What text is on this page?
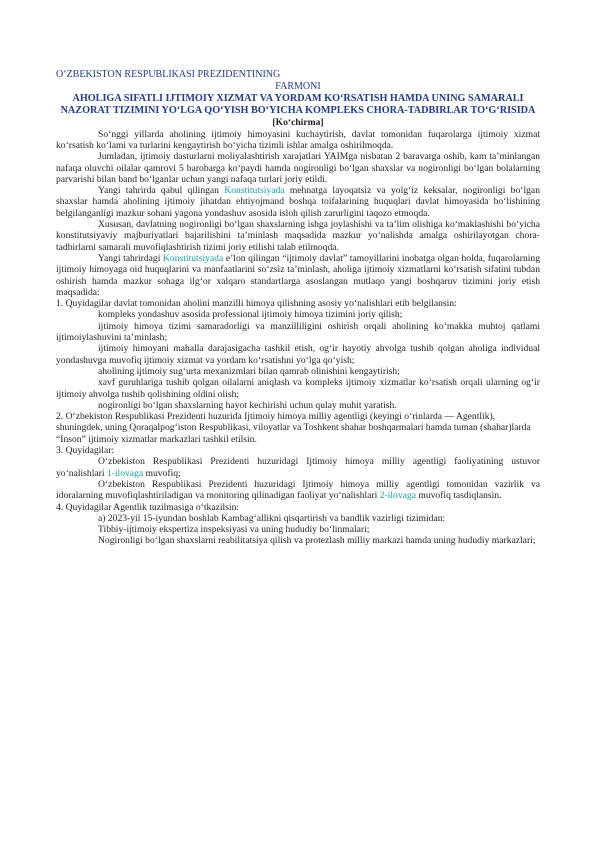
O‘ZBEKISTON RESPUBLIKASI PREZIDENTINING
FARMONI
AHOLIGA SIFATLI IJTIMOIY XIZMAT VA YORDAM KO‘RSATISH HAMDA UNING SAMARALI NAZORAT TIZIMINI YO‘LGA QO‘YISH BO‘YICHA KOMPLEKS CHORA-TADBIRLAR TO‘G‘RISIDA
[Ko‘chirma]

So‘nggi yillarda aholining ijtimoiy himoyasini kuchaytirish, davlat tomonidan fuqarolarga ijtimoiy xizmat ko‘rsatish ko‘lami va turlarini kengaytirish bo‘yicha tizimli ishlar amalga oshirilmoqda.

Jumladan, ijtimoiy dasturlarni moliyalashtirish xarajatlari YAIMga nisbatan 2 baravarga oshib, kam ta’minlangan nafaqa oluvchi oilalar qamrovi 5 barobarga ko‘paydi hamda nogironligi bo‘lgan shaxslar va nogironligi bo‘lgan bolalarning parvarishi bilan band bo‘lganlar uchun yangi nafaqa turlari joriy etildi.

Yangi tahrirda qabul qilingan Konstitutsiyada mehnatga layoqatsiz va yolg‘iz keksalar, nogironligi bo‘lgan shaxslar hamda aholining ijtimoiy jihatdan ehtiyojmand boshqa toifalarining huquqlari davlat himoyasida bo‘lishining belgilanganligi mazkur sohani yagona yondashuv asosida isloh qilish zarurligini taqozo etmoqda.

Xususan, davlatning nogironligi bo‘lgan shaxslarning ishga joylashishi va ta’lim olishiga ko‘maklashishi bo‘yicha konstitutsiyaviy majburiyatlari bajarilishini ta’minlash maqsadida mazkur yo‘nalishda amalga oshirilayotgan chora-tadbirlarni samarali muvofiqlashtirish tizimi joriy etilishi talab etilmoqda.

Yangi tahrirdagi Konstitutsiyada e’lon qilingan “ijtimoiy davlat” tamoyillarini inobatga olgan holda, fuqarolarning ijtimoiy himoyaga oid huquqlarini va manfaatlarini so‘zsiz ta’minlash, aholiga ijtimoiy xizmatlarni ko‘rsatish sifatini tubdan oshirish hamda mazkur sohaga ilg‘or xalqaro standartlarga asoslangan mutlaqo yangi boshqaruv tizimini joriy etish maqsadida:

1. Quyidagilar davlat tomonidan aholini manzilli himoya qilishning asosiy yo‘nalishlari etib belgilansin:

kompleks yondashuv asosida professional ijtimoiy himoya tizimini joriy qilish;

ijtimoiy himoya tizimi samaradorligi va manzilliligini oshirish orqali aholining ko‘makka muhtoj qatlami ijtimoiylashuvini ta’minlash;

ijtimoiy himoyani mahalla darajasigacha tashkil etish, og‘ir hayotiy ahvolga tushib qolgan aholiga individual yondashuvga muvofiq ijtimoiy xizmat va yordam ko‘rsatishni yo‘lga qo‘yish;

aholining ijtimoiy sug‘urta mexanizmlari bilan qamrab olinishini kengaytirish;

xavf guruhlariga tushib qolgan oilalarni aniqlash va kompleks ijtimoiy xizmatlar ko‘rsatish orqali ularning og‘ir ijtimoiy ahvolga tushib qolishining oldini olish;

nogironligi bo‘lgan shaxslarning hayot kechirishi uchun qulay muhit yaratish.

2. O‘zbekiston Respublikasi Prezidenti huzurida Ijtimoiy himoya milliy agentligi (keyingi o‘rinlarda — Agentlik), shuningdek, uning Qoraqalpog‘iston Respublikasi, viloyatlar va Toshkent shahar boshqarmalari hamda tuman (shahar)larda “Inson” ijtimoiy xizmatlar markazlari tashkil etilsin.

3. Quyidagilar:

O‘zbekiston Respublikasi Prezidenti huzuridagi Ijtimoiy himoya milliy agentligi faoliyatining ustuvor yo‘nalishlari 1-ilovaga muvofiq;

O‘zbekiston Respublikasi Prezidenti huzuridagi Ijtimoiy himoya milliy agentligi tomonidan vazirlik va idoralarning muvofiqlashtiriladigan va monitoring qilinadigan faoliyat yo‘nalishlari 2-ilovaga muvofiq tasdiqlansin.

4. Quyidagilar Agentlik tuzilmasiga o‘tkazilsin:

a) 2023-yil 15-iyundan boshlab Kambag‘allikni qisqartirish va bandlik vazirligi tizimidan:

Tibbiy-ijtimoiy ekspertiza inspeksiyasi va uning hududiy bo‘linmalari;

Nogironligi bo‘lgan shaxslarni reabilitatsiya qilish va protezlash milliy markazi hamda uning hududiy markazlari;
